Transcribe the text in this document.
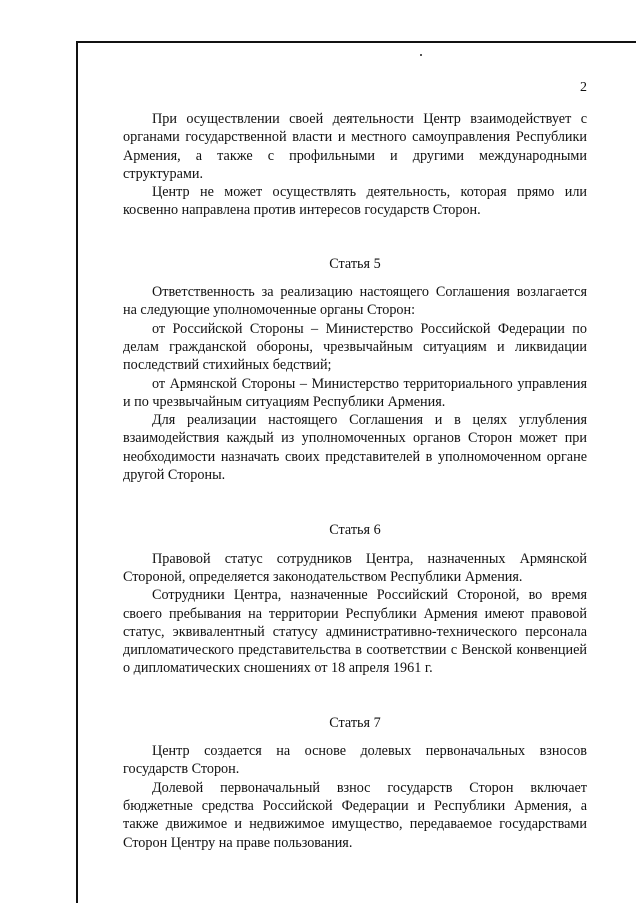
2

При осуществлении своей деятельности Центр взаимодействует с органами государственной власти и местного самоуправления Республики Армения, а также с профильными и другими международными структурами.

Центр не может осуществлять деятельность, которая прямо или косвенно направлена против интересов государств Сторон.

Статья 5

Ответственность за реализацию настоящего Соглашения возлагается на следующие уполномоченные органы Сторон:

от Российской Стороны – Министерство Российской Федерации по делам гражданской обороны, чрезвычайным ситуациям и ликвидации последствий стихийных бедствий;

от Армянской Стороны – Министерство территориального управления и по чрезвычайным ситуациям Республики Армения.

Для реализации настоящего Соглашения и в целях углубления взаимодействия каждый из уполномоченных органов Сторон может при необходимости назначать своих представителей в уполномоченном органе другой Стороны.

Статья 6

Правовой статус сотрудников Центра, назначенных Армянской Стороной, определяется законодательством Республики Армения.

Сотрудники Центра, назначенные Российский Стороной, во время своего пребывания на территории Республики Армения имеют правовой статус, эквивалентный статусу административно-технического персонала дипломатического представительства в соответствии с Венской конвенцией о дипломатических сношениях от 18 апреля 1961 г.

Статья 7

Центр создается на основе долевых первоначальных взносов государств Сторон.

Долевой первоначальный взнос государств Сторон включает бюджетные средства Российской Федерации и Республики Армения, а также движимое и недвижимое имущество, передаваемое государствами Сторон Центру на праве пользования.
